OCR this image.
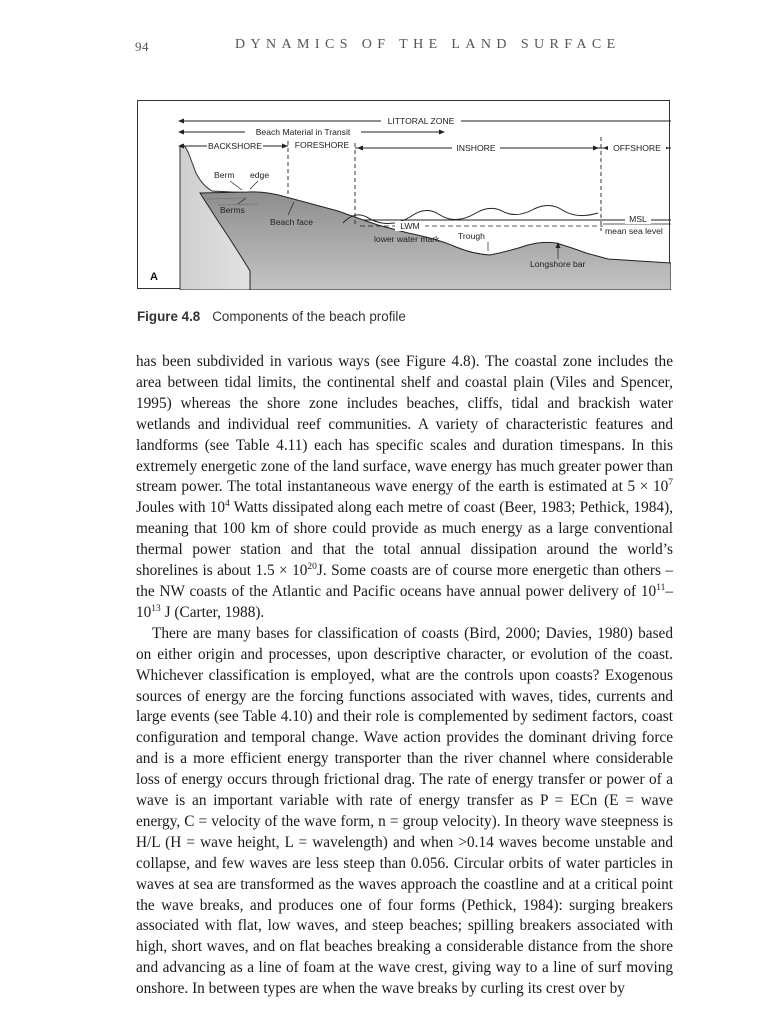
94	DYNAMICS OF THE LAND SURFACE
LITTORAL ZONE
Beach Material in Transit
BACKSHORE	FORESHORE	INSHORE	OFFSHORE
Berm edge
Berms
Beach face	LWM
lower water mark
MSL
mean sea level
Trough
Longshore bar
A
Figure 4.8 Components of the beach profile

has been subdivided in various ways (see Figure 4.8). The coastal zone includes the area between tidal limits, the continental shelf and coastal plain (Viles and Spencer, 1995) whereas the shore zone includes beaches, cliffs, tidal and brackish water wetlands and individual reef communities. A variety of characteristic features and landforms (see Table 4.11) each has specific scales and duration timespans. In this extremely energetic zone of the land surface, wave energy has much greater power than stream power. The total instantaneous wave energy of the earth is estimated at $5 \times 10^7$ Joules with $10^4$ Watts dissipated along each metre of coast (Beer, 1983; Pethick, 1984), meaning that 100 km of shore could provide as much energy as a large conventional thermal power station and that the total annual dissipation around the world’s shorelines is about $1.5 \times 10^{20}J$. Some coasts are of course more energetic than others – the NW coasts of the Atlantic and Pacific oceans have annual power delivery of $10^{11}-10^{13}$ J (Carter, 1988).

There are many bases for classification of coasts (Bird, 2000; Davies, 1980) based on either origin and processes, upon descriptive character, or evolution of the coast. Whichever classification is employed, what are the controls upon coasts? Exogenous sources of energy are the forcing functions associated with waves, tides, currents and large events (see Table 4.10) and their role is complemented by sediment factors, coast configuration and temporal change. Wave action provides the dominant driving force and is a more efficient energy transporter than the river channel where considerable loss of energy occurs through frictional drag. The rate of energy transfer or power of a wave is an important variable with rate of energy transfer as P = ECn (E = wave energy, C = velocity of the wave form, n = group velocity). In theory wave steepness is H/L (H = wave height, L = wavelength) and when >0.14 waves become unstable and collapse, and few waves are less steep than 0.056. Circular orbits of water particles in waves at sea are transformed as the waves approach the coastline and at a critical point the wave breaks, and produces one of four forms (Pethick, 1984): surging breakers associated with flat, low waves, and steep beaches; spilling breakers associated with high, short waves, and on flat beaches breaking a considerable distance from the shore and advancing as a line of foam at the wave crest, giving way to a line of surf moving onshore. In between types are when the wave breaks by curling its crest over by
